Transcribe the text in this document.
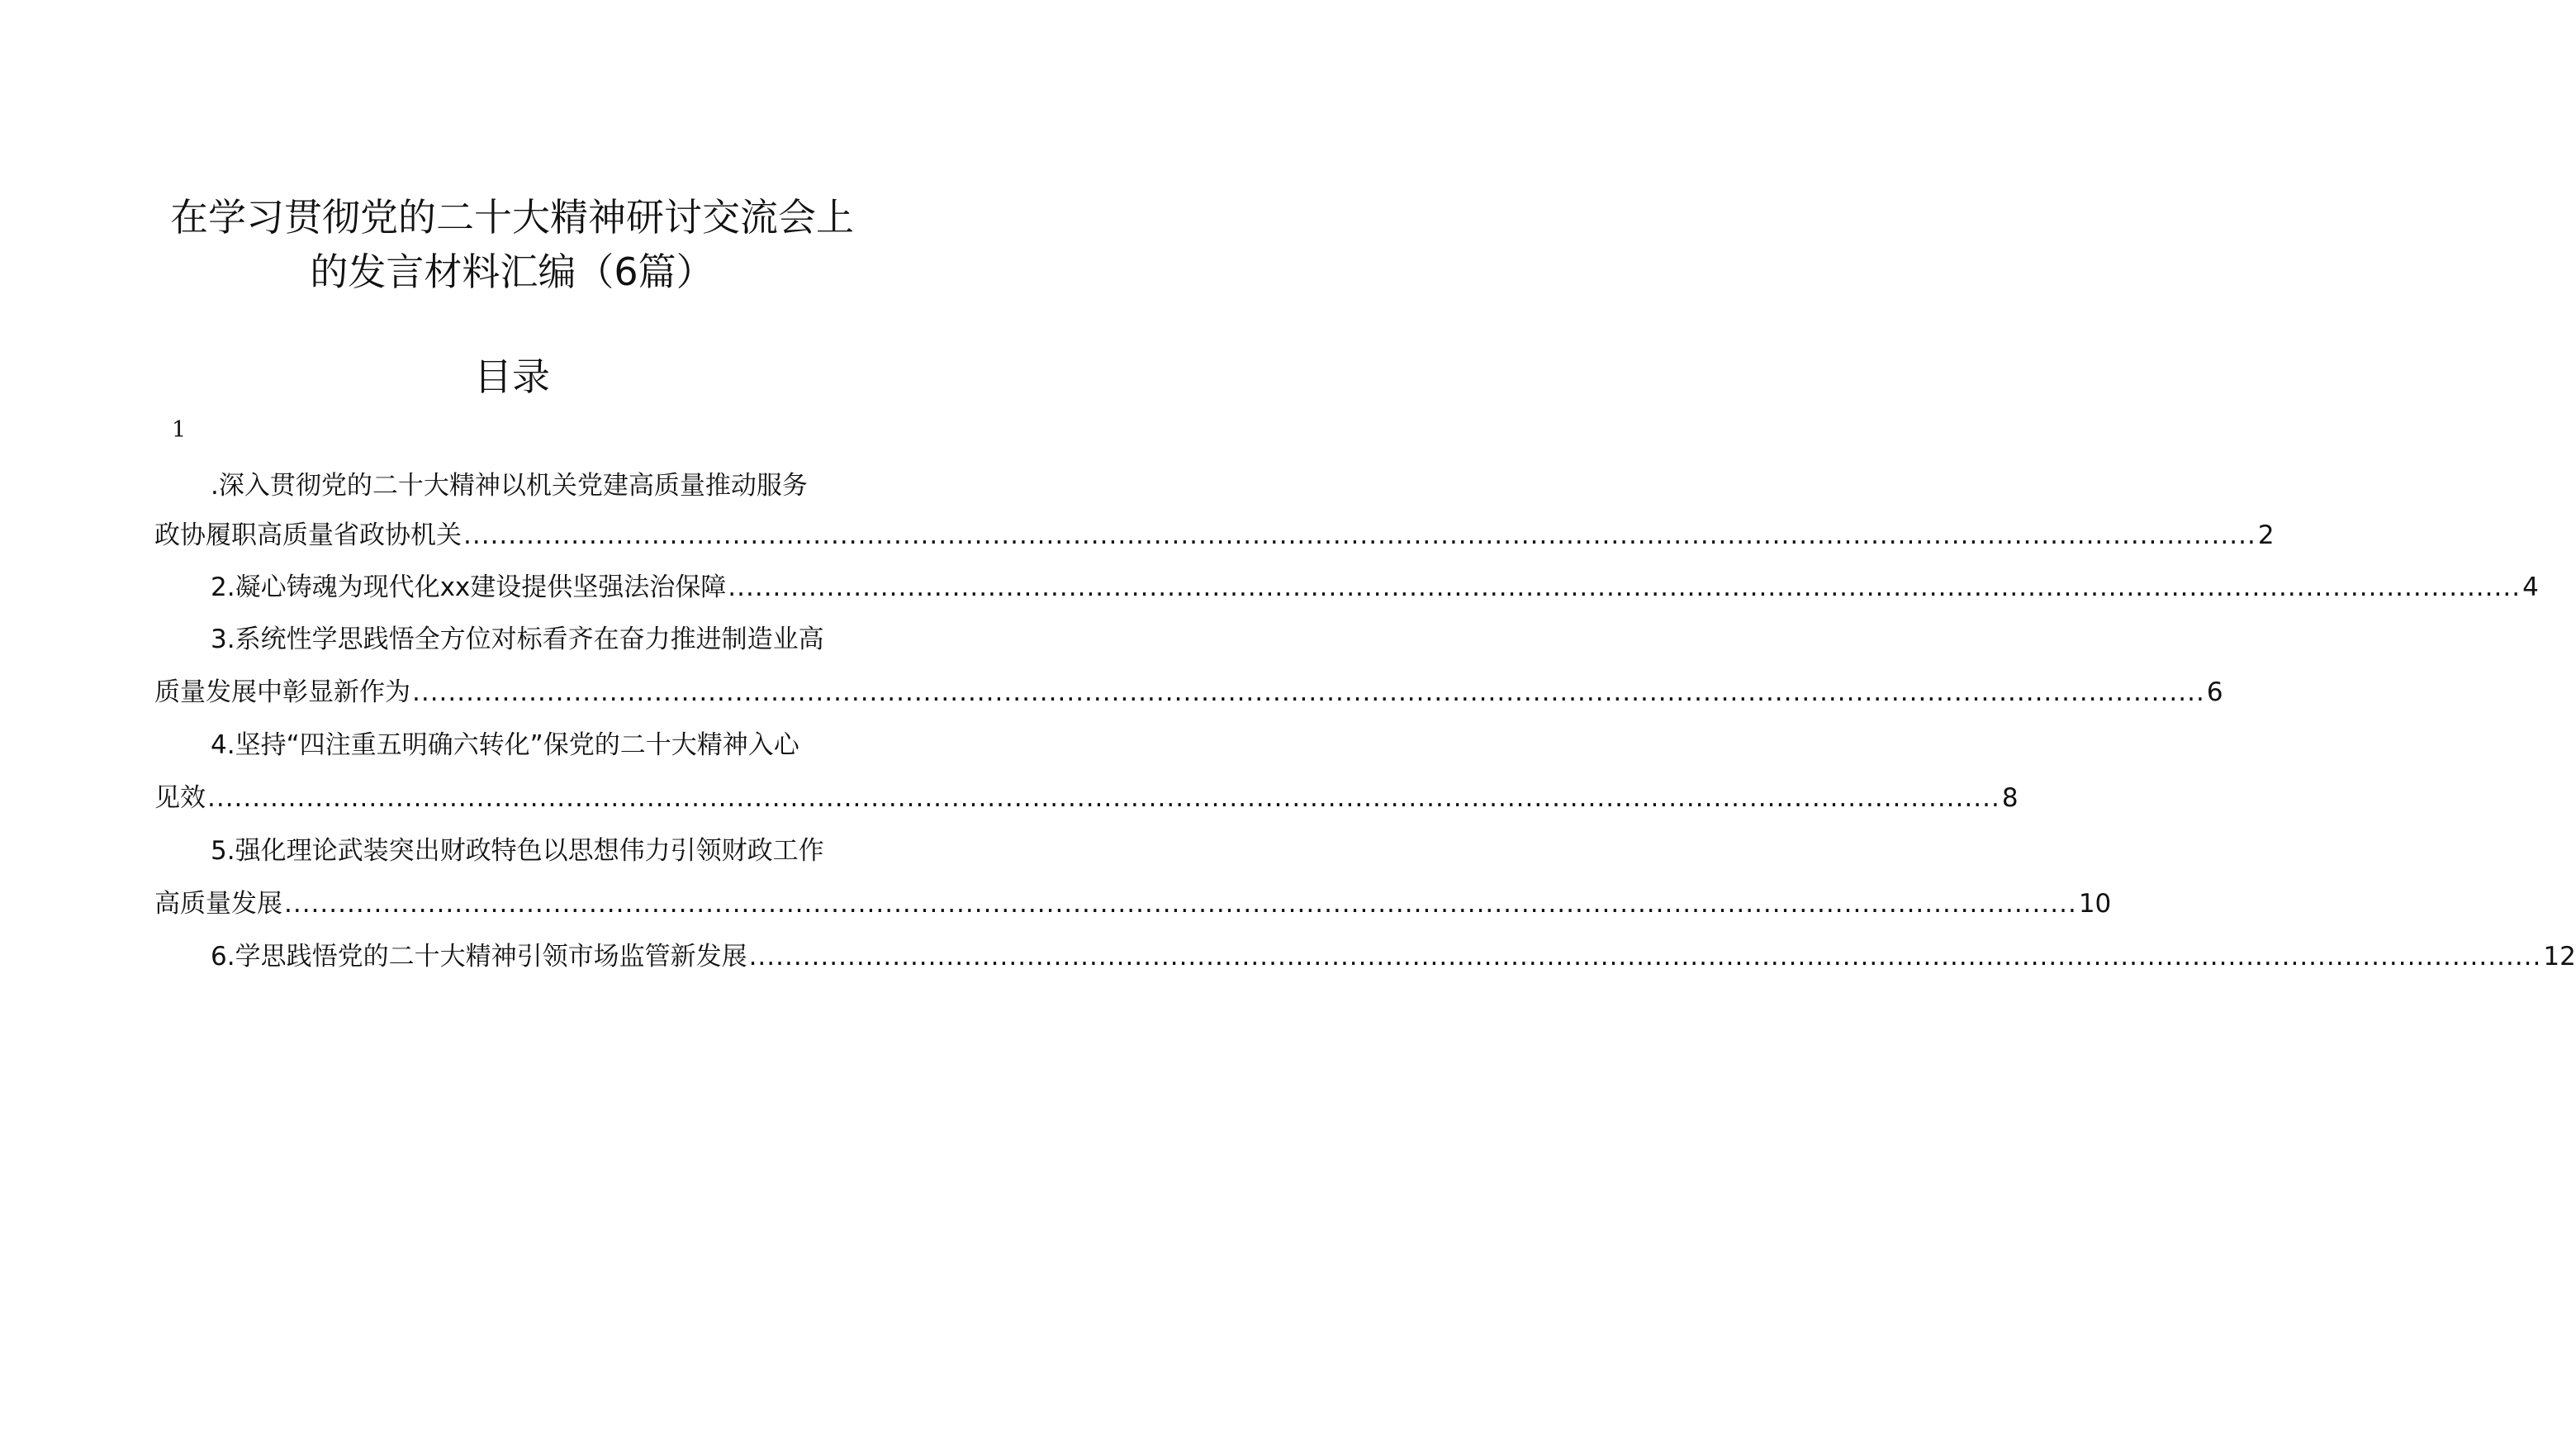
在学习贯彻党的二十大精神研讨交流会上
的发言材料汇编（6篇）
目录
1
.深入贯彻党的二十大精神以机关党建高质量推动服务
政协履职高质量省政协机关 ........................................................................................................................................................................................................ 2
2.凝心铸魂为现代化xx建设提供坚强法治保障 ........................................................................................................................................................................................................ 4
3.系统性学思践悟全方位对标看齐在奋力推进制造业高
质量发展中彰显新作为 ........................................................................................................................................................................................................ 6
4.坚持“四注重五明确六转化”保党的二十大精神入心
见效 ........................................................................................................................................................................................................ 8
5.强化理论武装突出财政特色以思想伟力引领财政工作
高质量发展 ........................................................................................................................................................................................................ 10
6.学思践悟党的二十大精神引领市场监管新发展 ........................................................................................................................................................................................................ 12
